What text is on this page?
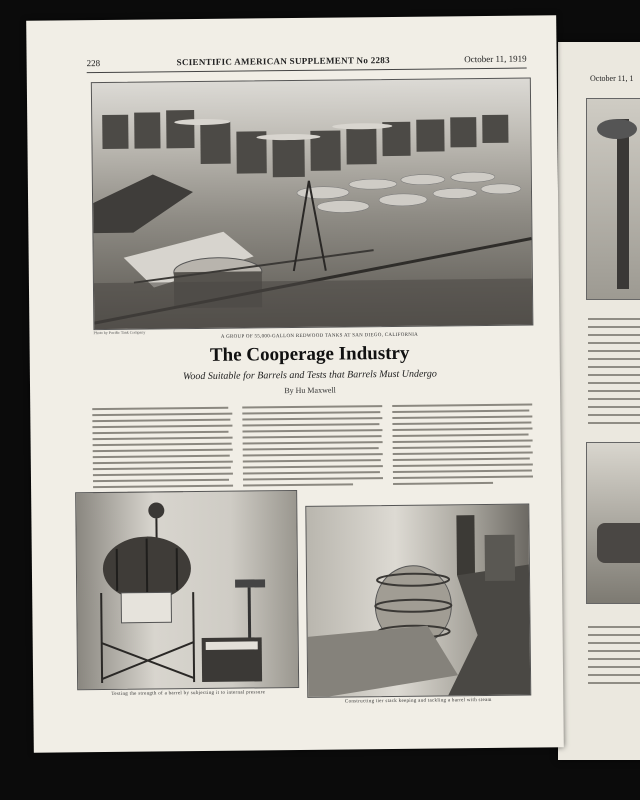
October 11, 1
228	SCIENTIFIC AMERICAN SUPPLEMENT No 2283	October 11, 1919
Photo by Pacific Tank Company
A GROUP OF 55,000-GALLON REDWOOD TANKS AT SAN DIEGO, CALIFORNIA
The Cooperage Industry
Wood Suitable for Barrels and Tests that Barrels Must Undergo
By Hu Maxwell
Testing the strength of a barrel by subjecting it to internal pressure
Constructing tier stack keeping and tackling a barrel with steam
